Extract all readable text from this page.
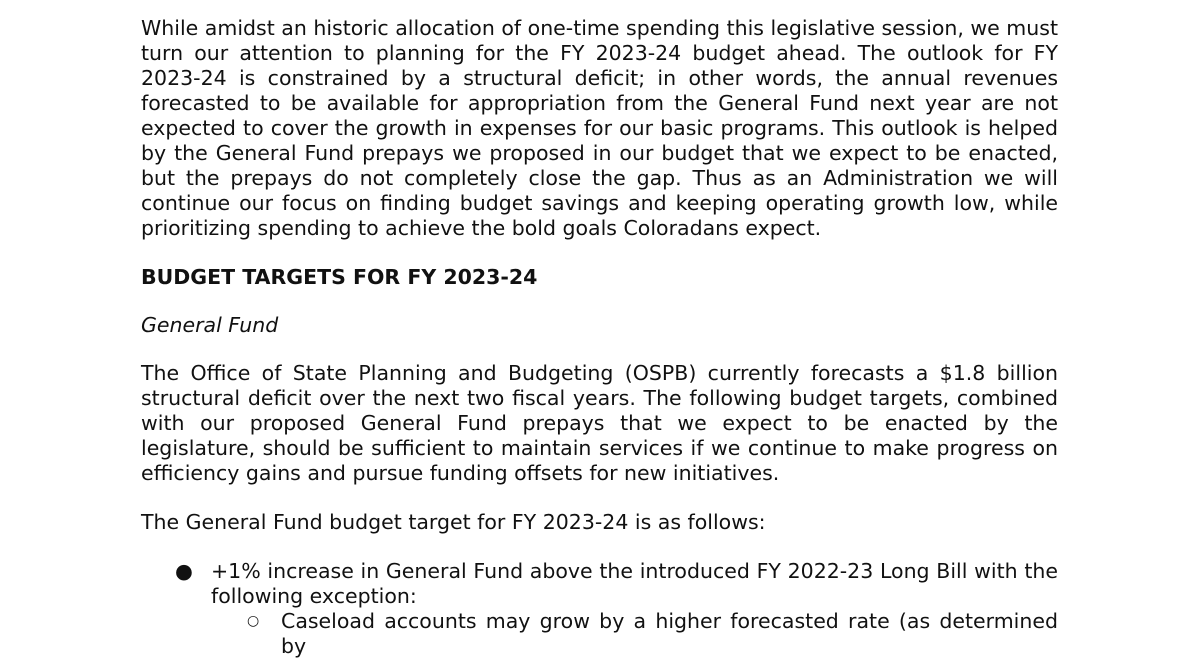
While amidst an historic allocation of one-time spending this legislative session, we must turn our attention to planning for the FY 2023-24 budget ahead. The outlook for FY 2023-24 is constrained by a structural deficit; in other words, the annual revenues forecasted to be available for appropriation from the General Fund next year are not expected to cover the growth in expenses for our basic programs. This outlook is helped by the General Fund prepays we proposed in our budget that we expect to be enacted, but the prepays do not completely close the gap. Thus as an Administration we will continue our focus on finding budget savings and keeping operating growth low, while prioritizing spending to achieve the bold goals Coloradans expect.

BUDGET TARGETS FOR FY 2023-24

General Fund

The Office of State Planning and Budgeting (OSPB) currently forecasts a $1.8 billion structural deficit over the next two fiscal years. The following budget targets, combined with our proposed General Fund prepays that we expect to be enacted by the legislature, should be sufficient to maintain services if we continue to make progress on efficiency gains and pursue funding offsets for new initiatives.

The General Fund budget target for FY 2023-24 is as follows:

● +1% increase in General Fund above the introduced FY 2022-23 Long Bill with the following exception:
○ Caseload accounts may grow by a higher forecasted rate (as determined by
